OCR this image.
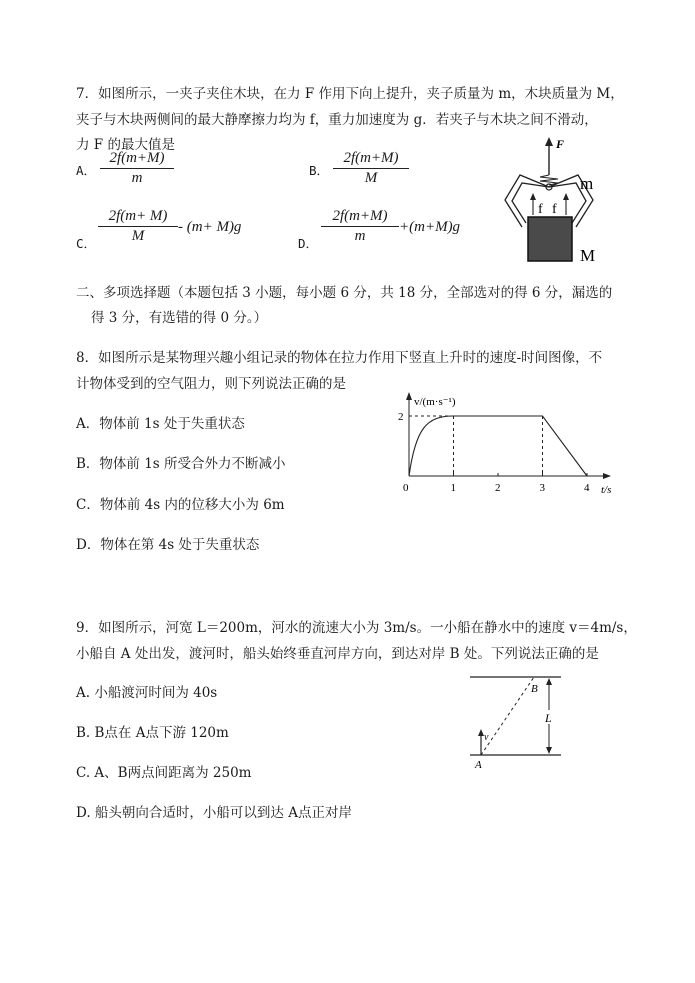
7．如图所示，一夹子夹住木块，在力 F 作用下向上提升，夹子质量为 m，木块质量为 M，
夹子与木块两侧间的最大静摩擦力均为 f，重力加速度为 g．若夹子与木块之间不滑动，
力 F 的最大值是
A． $\frac{2f(m+M)}{m}$	B． $\frac{2f(m+M)}{M}$
C． $\frac{2f(m+ M)}{M} - (m+ M)g$
D． $\frac{2f(m+M)}{m} +(m+M)g$
F
f f
m
M
二、多项选择题（本题包括 3 小题，每小题 6 分，共 18 分，全部选对的得 6 分，漏选的
得 3 分，有选错的得 0 分。）
8．如图所示是某物理兴趣小组记录的物体在拉力作用下竖直上升时的速度-时间图像，不
计物体受到的空气阻力，则下列说法正确的是
A．物体前 1s 处于失重状态
B．物体前 1s 所受合外力不断减小
C．物体前 4s 内的位移大小为 6m
D．物体在第 4s 处于失重状态
v/(m·s⁻¹)
t/s
0	1	2	3	4
2
9．如图所示，河宽 L＝200m，河水的流速大小为 3m/s。一小船在静水中的速度 v＝4m/s，
小船自 A 处出发，渡河时，船头始终垂直河岸方向，到达对岸 B 处。下列说法正确的是
A. 小船渡河时间为 40s
B. B点在 A点下游 120m
C. A、B两点间距离为 250m
D. 船头朝向合适时，小船可以到达 A点正对岸
v
B
A
L
